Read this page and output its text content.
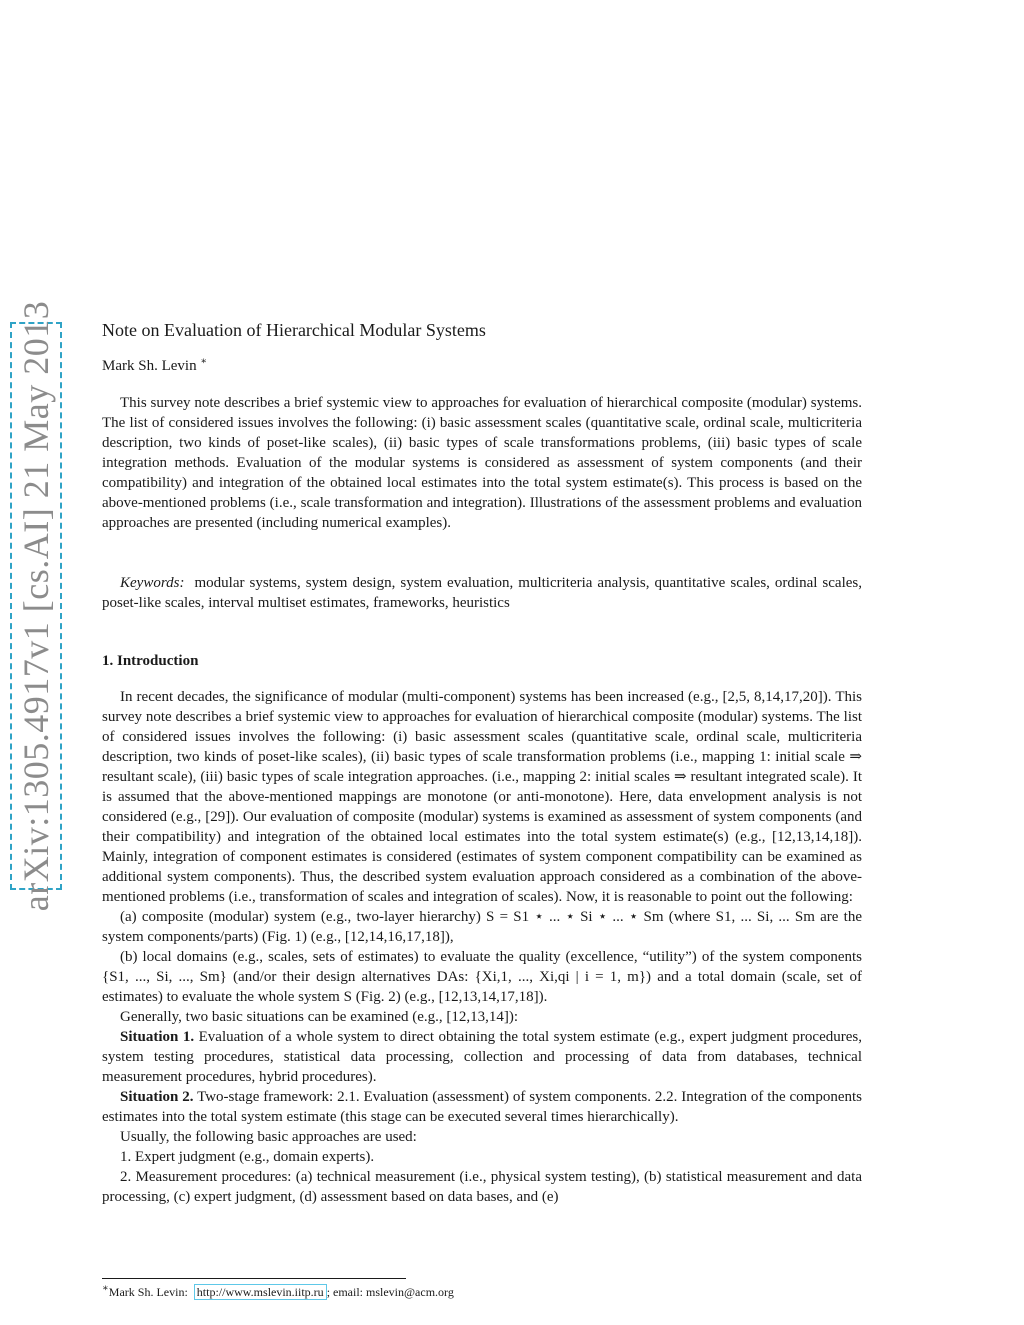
arXiv:1305.4917v1 [cs.AI] 21 May 2013	Note on Evaluation of Hierarchical Modular Systems
Mark Sh. Levin ∗

This survey note describes a brief systemic view to approaches for evaluation of hierarchical composite (modular) systems. The list of considered issues involves the following: (i) basic assessment scales (quantitative scale, ordinal scale, multicriteria description, two kinds of poset-like scales), (ii) basic types of scale transformations problems, (iii) basic types of scale integration methods. Evaluation of the modular systems is considered as assessment of system components (and their compatibility) and integration of the obtained local estimates into the total system estimate(s). This process is based on the above-mentioned problems (i.e., scale transformation and integration). Illustrations of the assessment problems and evaluation approaches are presented (including numerical examples).

Keywords: modular systems, system design, system evaluation, multicriteria analysis, quantitative scales, ordinal scales, poset-like scales, interval multiset estimates, frameworks, heuristics

1. Introduction

In recent decades, the significance of modular (multi-component) systems has been increased (e.g., [2,5, 8,14,17,20]). This survey note describes a brief systemic view to approaches for evaluation of hierarchical composite (modular) systems. The list of considered issues involves the following: (i) basic assessment scales (quantitative scale, ordinal scale, multicriteria description, two kinds of poset-like scales), (ii) basic types of scale transformation problems (i.e., mapping 1: initial scale ⇒ resultant scale), (iii) basic types of scale integration approaches. (i.e., mapping 2: initial scales ⇒ resultant integrated scale). It is assumed that the above-mentioned mappings are monotone (or anti-monotone). Here, data envelopment analysis is not considered (e.g., [29]). Our evaluation of composite (modular) systems is examined as assessment of system components (and their compatibility) and integration of the obtained local estimates into the total system estimate(s) (e.g., [12,13,14,18]). Mainly, integration of component estimates is considered (estimates of system component compatibility can be examined as additional system components). Thus, the described system evaluation approach considered as a combination of the above-mentioned problems (i.e., transformation of scales and integration of scales). Now, it is reasonable to point out the following:

(a) composite (modular) system (e.g., two-layer hierarchy) S = S1 ⋆ ... ⋆ Si ⋆ ... ⋆ Sm (where S1, ... Si, ... Sm are the system components/parts) (Fig. 1) (e.g., [12,14,16,17,18]),

(b) local domains (e.g., scales, sets of estimates) to evaluate the quality (excellence, “utility”) of the system components {S1, ..., Si, ..., Sm} (and/or their design alternatives DAs: {Xi,1, ..., Xi,qi | i = 1, m}) and a total domain (scale, set of estimates) to evaluate the whole system S (Fig. 2) (e.g., [12,13,14,17,18]).

Generally, two basic situations can be examined (e.g., [12,13,14]):

Situation 1. Evaluation of a whole system to direct obtaining the total system estimate (e.g., expert judgment procedures, system testing procedures, statistical data processing, collection and processing of data from databases, technical measurement procedures, hybrid procedures).

Situation 2. Two-stage framework: 2.1. Evaluation (assessment) of system components. 2.2. Integration of the components estimates into the total system estimate (this stage can be executed several times hierarchically).

Usually, the following basic approaches are used:

1. Expert judgment (e.g., domain experts).

2. Measurement procedures: (a) technical measurement (i.e., physical system testing), (b) statistical measurement and data processing, (c) expert judgment, (d) assessment based on data bases, and (e)

∗Mark Sh. Levin: http://www.mslevin.iitp.ru ; email: mslevin@acm.org
